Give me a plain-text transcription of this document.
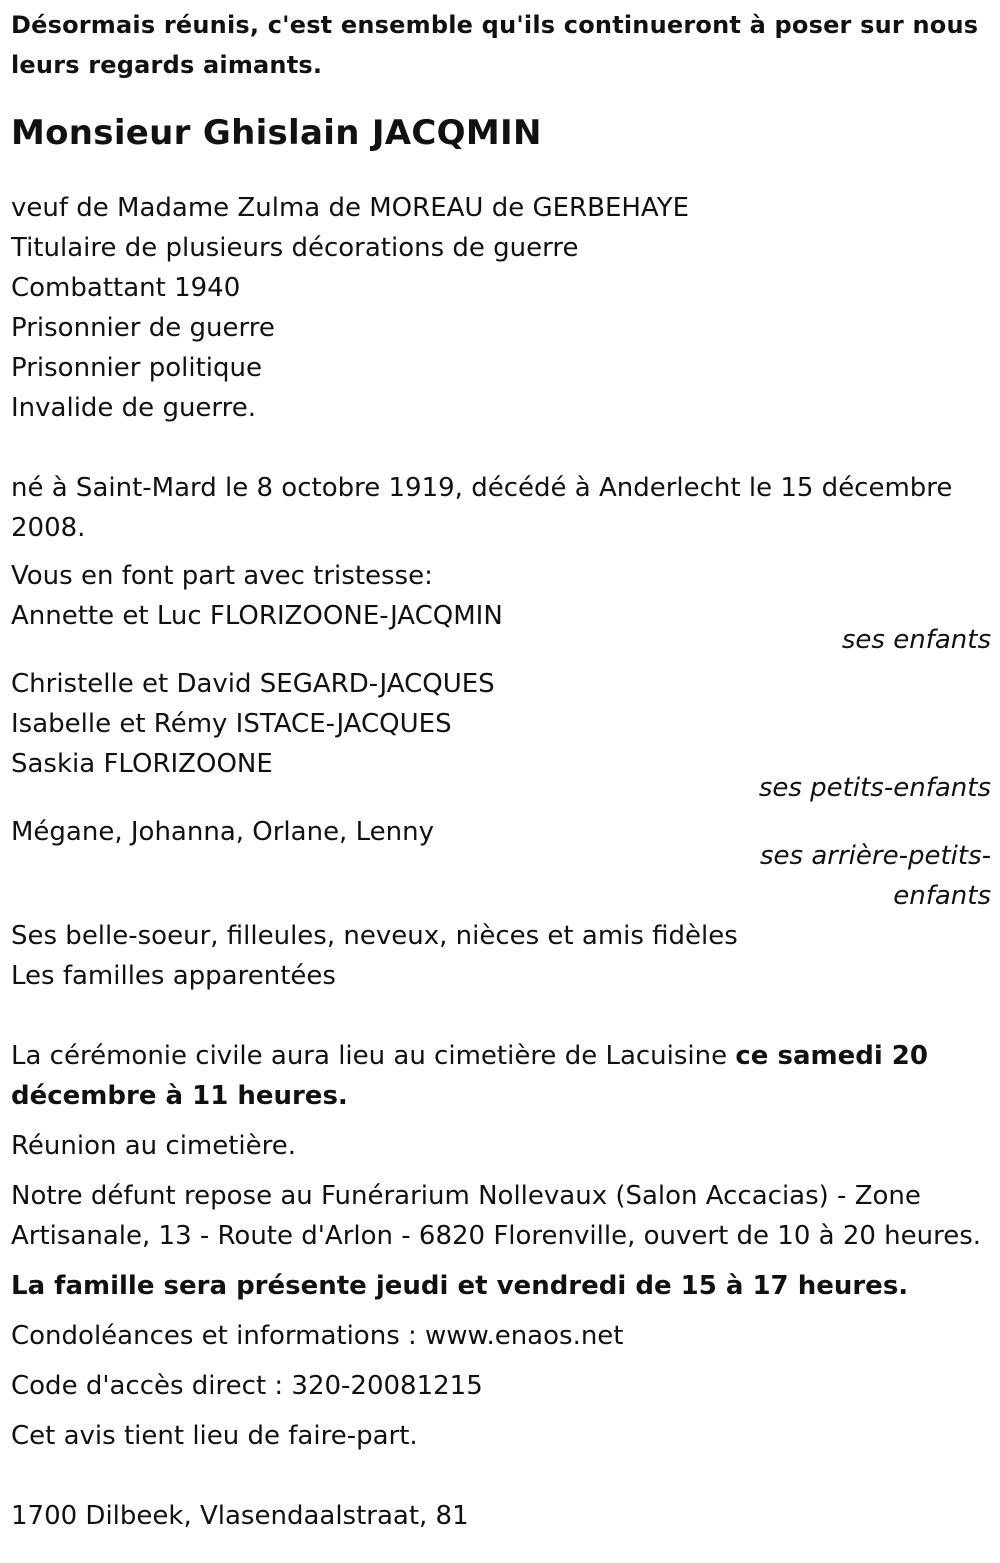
Désormais réunis, c'est ensemble qu'ils continueront à poser sur nous leurs regards aimants.

Monsieur Ghislain JACQMIN

veuf de Madame Zulma de MOREAU de GERBEHAYE
Titulaire de plusieurs décorations de guerre
Combattant 1940
Prisonnier de guerre
Prisonnier politique
Invalide de guerre.

né à Saint-Mard le 8 octobre 1919, décédé à Anderlecht le 15 décembre 2008.

Vous en font part avec tristesse:
Annette et Luc FLORIZOONE-JACQMIN
ses enfants
Christelle et David SEGARD-JACQUES
Isabelle et Rémy ISTACE-JACQUES
Saskia FLORIZOONE
ses petits-enfants
Mégane, Johanna, Orlane, Lenny
ses arrière-petits-enfants
Ses belle-soeur, filleules, neveux, nièces et amis fidèles
Les familles apparentées

La cérémonie civile aura lieu au cimetière de Lacuisine ce samedi 20 décembre à 11 heures.

Réunion au cimetière.

Notre défunt repose au Funérarium Nollevaux (Salon Accacias) - Zone Artisanale, 13 - Route d'Arlon - 6820 Florenville, ouvert de 10 à 20 heures.

La famille sera présente jeudi et vendredi de 15 à 17 heures.

Condoléances et informations : www.enaos.net

Code d'accès direct : 320-20081215

Cet avis tient lieu de faire-part.

1700 Dilbeek, Vlasendaalstraat, 81
